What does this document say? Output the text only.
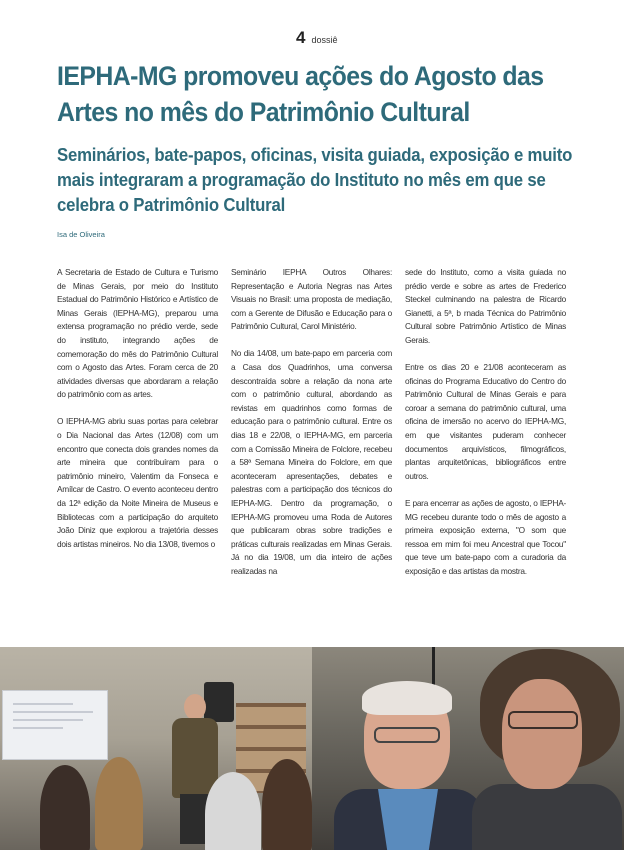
4 dossiê
IEPHA-MG promoveu ações do Agosto das Artes no mês do Patrimônio Cultural
Seminários, bate-papos, oficinas, visita guiada, exposição e muito mais integraram a programação do Instituto no mês em que se celebra o Patrimônio Cultural
Isa de Oliveira

A Secretaria de Estado de Cultura e Turismo de Minas Gerais, por meio do Instituto Estadual do Patrimônio Histórico e Artístico de Minas Gerais (IEPHA-MG), preparou uma extensa programação no prédio verde, sede do instituto, integrando ações de comemoração do mês do Patrimônio Cultural com o Agosto das Artes. Foram cerca de 20 atividades diversas que abordaram a relação do patrimônio com as artes.

O IEPHA-MG abriu suas portas para celebrar o Dia Nacional das Artes (12/08) com um encontro que conecta dois grandes nomes da arte mineira que contribuíram para o patrimônio mineiro, Valentim da Fonseca e Amílcar de Castro. O evento aconteceu dentro da 12ª edição da Noite Mineira de Museus e Bibliotecas com a participação do arquiteto João Diniz que explorou a trajetória desses dois artistas mineiros. No dia 13/08, tivemos o

Seminário IEPHA Outros Olhares: Representação e Autoria Negras nas Artes Visuais no Brasil: uma proposta de mediação, com a Gerente de Difusão e Educação para o Patrimônio Cultural, Carol Ministério.

No dia 14/08, um bate-papo em parceria com a Casa dos Quadrinhos, uma conversa descontraída sobre a relação da nona arte com o patrimônio cultural, abordando as revistas em quadrinhos como formas de educação para o patrimônio cultural. Entre os dias 18 e 22/08, o IEPHA-MG, em parceria com a Comissão Mineira de Folclore, recebeu a 58ª Semana Mineira do Folclore, em que aconteceram apresentações, debates e palestras com a participação dos técnicos do IEPHA-MG. Dentro da programação, o IEPHA-MG promoveu uma Roda de Autores que publicaram obras sobre tradições e práticas culturais realizadas em Minas Gerais. Já no dia 19/08, um dia inteiro de ações realizadas na

sede do Instituto, como a visita guiada no prédio verde e sobre as artes de Frederico Steckel culminando na palestra de Ricardo Gianetti, a 5ª, b rnada Técnica do Patrimônio Cultural sobre Patrimônio Artístico de Minas Gerais.

Entre os dias 20 e 21/08 aconteceram as oficinas do Programa Educativo do Centro do Patrimônio Cultural de Minas Gerais e para coroar a semana do patrimônio cultural, uma oficina de imersão no acervo do IEPHA-MG, em que visitantes puderam conhecer documentos arquivísticos, filmográficos, plantas arquitetônicas, bibliográficos entre outros.

E para encerrar as ações de agosto, o IEPHA-MG recebeu durante todo o mês de agosto a primeira exposição externa, "O som que ressoa em mim foi meu Ancestral que Tocou" que teve um bate-papo com a curadoria da exposição e das artistas da mostra.
